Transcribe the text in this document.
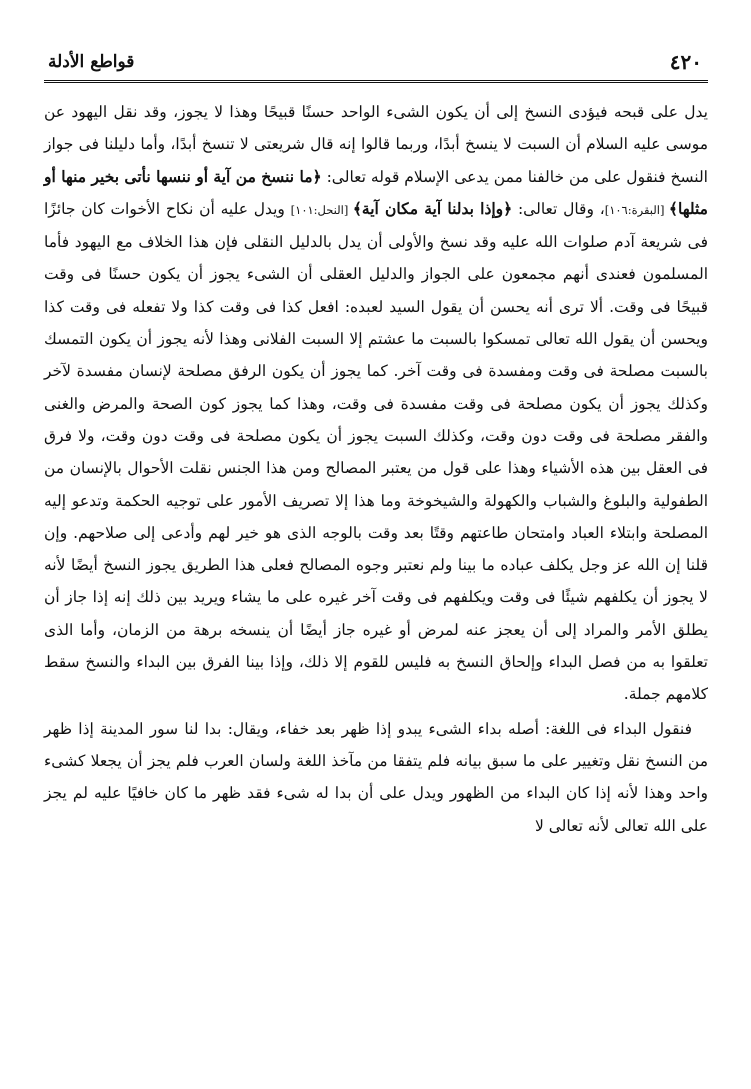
٤٢٠
قواطع الأدلة

يدل على قبحه فيؤدى النسخ إلى أن يكون الشىء الواحد حسنًا قبيحًا وهذا لا يجوز، وقد نقل اليهود عن موسى عليه السلام أن السبت لا ينسخ أبدًا، وربما قالوا إنه قال شريعتى لا تنسخ أبدًا، وأما دليلنا فى جواز النسخ فنقول على من خالفنا ممن يدعى الإسلام قوله تعالى: ﴿ما ننسخ من آية أو ننسها نأتى بخير منها أو مثلها﴾ [البقرة:١٠٦]، وقال تعالى: ﴿وإذا بدلنا آية مكان آية﴾ [النحل:١٠١] ويدل عليه أن نكاح الأخوات كان جائزًا فى شريعة آدم صلوات الله عليه وقد نسخ والأولى أن يدل بالدليل النقلى فإن هذا الخلاف مع اليهود فأما المسلمون فعندى أنهم مجمعون على الجواز والدليل العقلى أن الشىء يجوز أن يكون حسنًا فى وقت قبيحًا فى وقت. ألا ترى أنه يحسن أن يقول السيد لعبده: افعل كذا فى وقت كذا ولا تفعله فى وقت كذا ويحسن أن يقول الله تعالى تمسكوا بالسبت ما عشتم إلا السبت الفلانى وهذا لأنه يجوز أن يكون التمسك بالسبت مصلحة فى وقت ومفسدة فى وقت آخر. كما يجوز أن يكون الرفق مصلحة لإنسان مفسدة لآخر وكذلك يجوز أن يكون مصلحة فى وقت مفسدة فى وقت، وهذا كما يجوز كون الصحة والمرض والغنى والفقر مصلحة فى وقت دون وقت، وكذلك السبت يجوز أن يكون مصلحة فى وقت دون وقت، ولا فرق فى العقل بين هذه الأشياء وهذا على قول من يعتبر المصالح ومن هذا الجنس نقلت الأحوال بالإنسان من الطفولية والبلوغ والشباب والكهولة والشيخوخة وما هذا إلا تصريف الأمور على توجيه الحكمة وتدعو إليه المصلحة وابتلاء العباد وامتحان طاعتهم وقتًا بعد وقت بالوجه الذى هو خير لهم وأدعى إلى صلاحهم. وإن قلنا إن الله عز وجل يكلف عباده ما بينا ولم نعتبر وجوه المصالح فعلى هذا الطريق يجوز النسخ أيضًا لأنه لا يجوز أن يكلفهم شيئًا فى وقت ويكلفهم فى وقت آخر غيره على ما يشاء ويريد بين ذلك إنه إذا جاز أن يطلق الأمر والمراد إلى أن يعجز عنه لمرض أو غيره جاز أيضًا أن ينسخه برهة من الزمان، وأما الذى تعلقوا به من فصل البداء وإلحاق النسخ به فليس للقوم إلا ذلك، وإذا بينا الفرق بين البداء والنسخ سقط كلامهم جملة.

فنقول البداء فى اللغة: أصله بداء الشىء يبدو إذا ظهر بعد خفاء، ويقال: بدا لنا سور المدينة إذا ظهر من النسخ نقل وتغيير على ما سبق بيانه فلم يتفقا من مآخذ اللغة ولسان العرب فلم يجز أن يجعلا كشىء واحد وهذا لأنه إذا كان البداء من الظهور ويدل على أن بدا له شىء فقد ظهر ما كان خافيًا عليه لم يجز على الله تعالى لأنه تعالى لا
